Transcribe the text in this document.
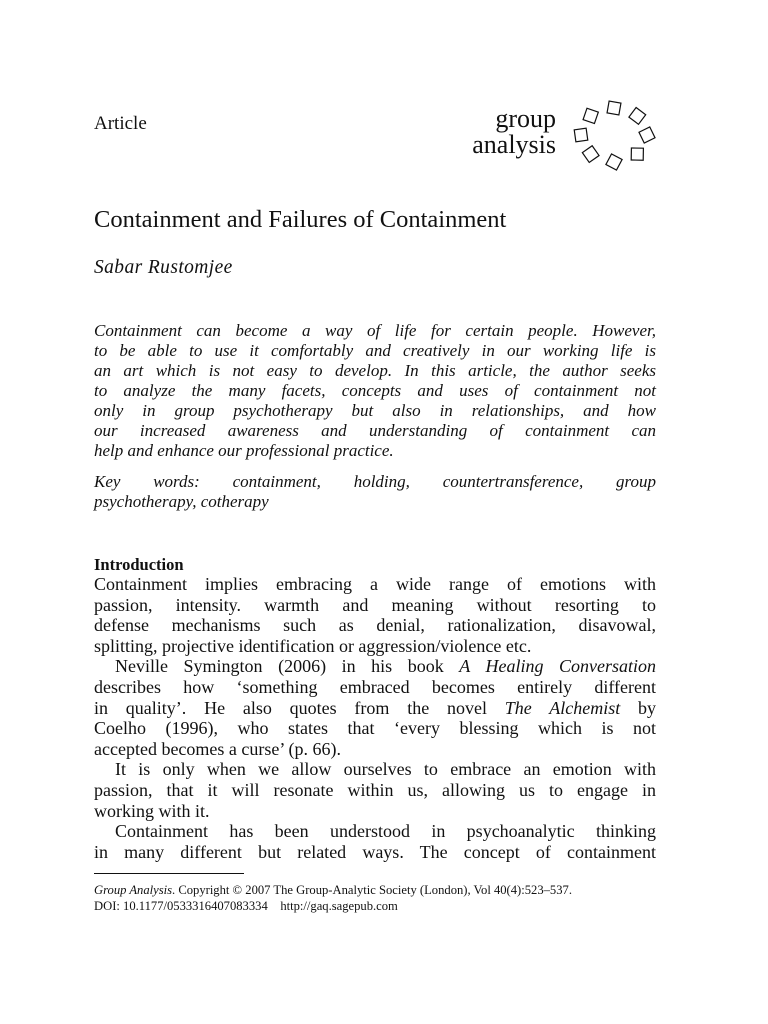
Article	group
analysis
Containment and Failures of Containment
Sabar Rustomjee
Containment can become a way of life for certain people. However,
to be able to use it comfortably and creatively in our working life is
an art which is not easy to develop. In this article, the author seeks
to analyze the many facets, concepts and uses of containment not
only in group psychotherapy but also in relationships, and how
our increased awareness and understanding of containment can
help and enhance our professional practice.
Key words: containment, holding, countertransference, group
psychotherapy, cotherapy
Introduction
Containment implies embracing a wide range of emotions with
passion, intensity. warmth and meaning without resorting to
defense mechanisms such as denial, rationalization, disavowal,
splitting, projective identification or aggression/violence etc.
Neville Symington (2006) in his book A Healing Conversation
describes how ‘something embraced becomes entirely different
in quality’. He also quotes from the novel The Alchemist by
Coelho (1996), who states that ‘every blessing which is not
accepted becomes a curse’ (p. 66).
It is only when we allow ourselves to embrace an emotion with
passion, that it will resonate within us, allowing us to engage in
working with it.
Containment has been understood in psychoanalytic thinking
in many different but related ways. The concept of containment
Group Analysis. Copyright © 2007 The Group-Analytic Society (London), Vol 40(4):523–537.
DOI: 10.1177/0533316407083334    http://gaq.sagepub.com
